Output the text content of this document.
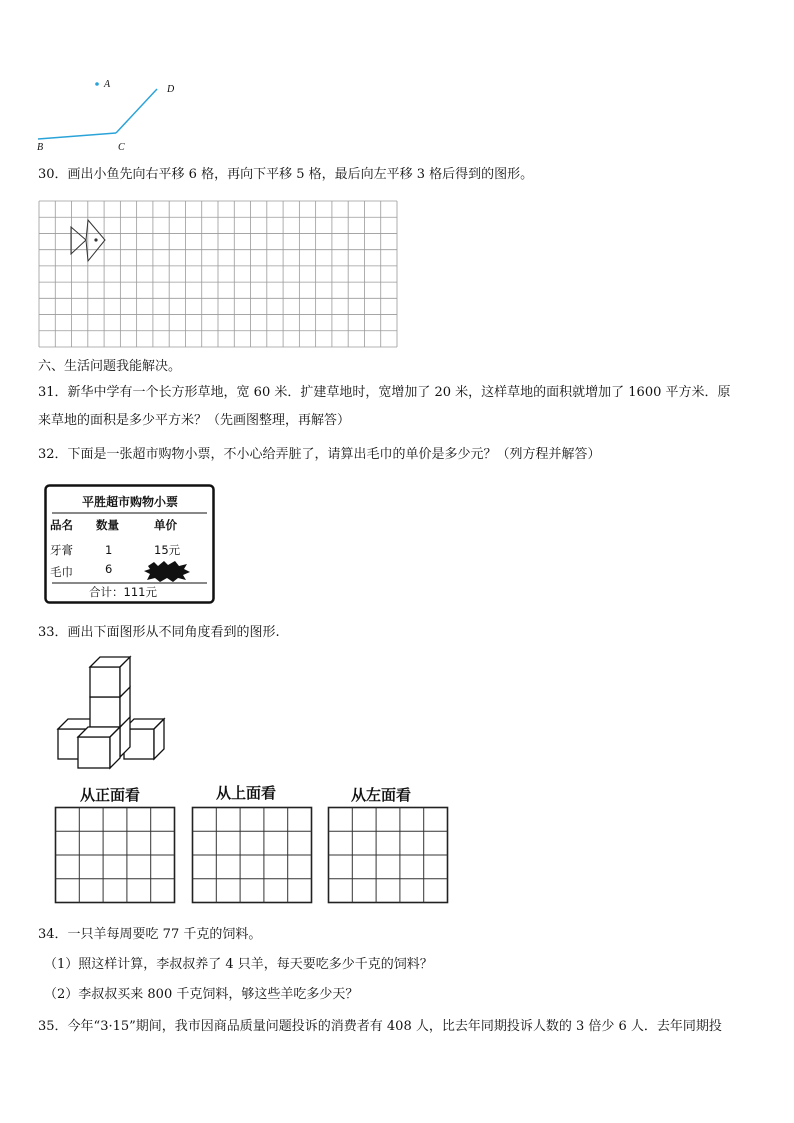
A	D
B	C
30．画出小鱼先向右平移 6 格，再向下平移 5 格，最后向左平移 3 格后得到的图形。
六、生活问题我能解决。
31．新华中学有一个长方形草地，宽 60 米．扩建草地时，宽增加了 20 米，这样草地的面积就增加了 1600 平方米．原
来草地的面积是多少平方米？（先画图整理，再解答）
32．下面是一张超市购物小票，不小心给弄脏了，请算出毛巾的单价是多少元？（列方程并解答）
平胜超市购物小票
品名 数量	单价
牙膏	1	15元
毛巾	6
合计：111元
33．画出下面图形从不同角度看到的图形.
从正面看	从上面看	从左面看
34．一只羊每周要吃 77 千克的饲料。
（1）照这样计算，李叔叔养了 4 只羊，每天要吃多少千克的饲料？
（2）李叔叔买来 800 千克饲料，够这些羊吃多少天？
35．今年“3·15”期间，我市因商品质量问题投诉的消费者有 408 人，比去年同期投诉人数的 3 倍少 6 人．去年同期投
